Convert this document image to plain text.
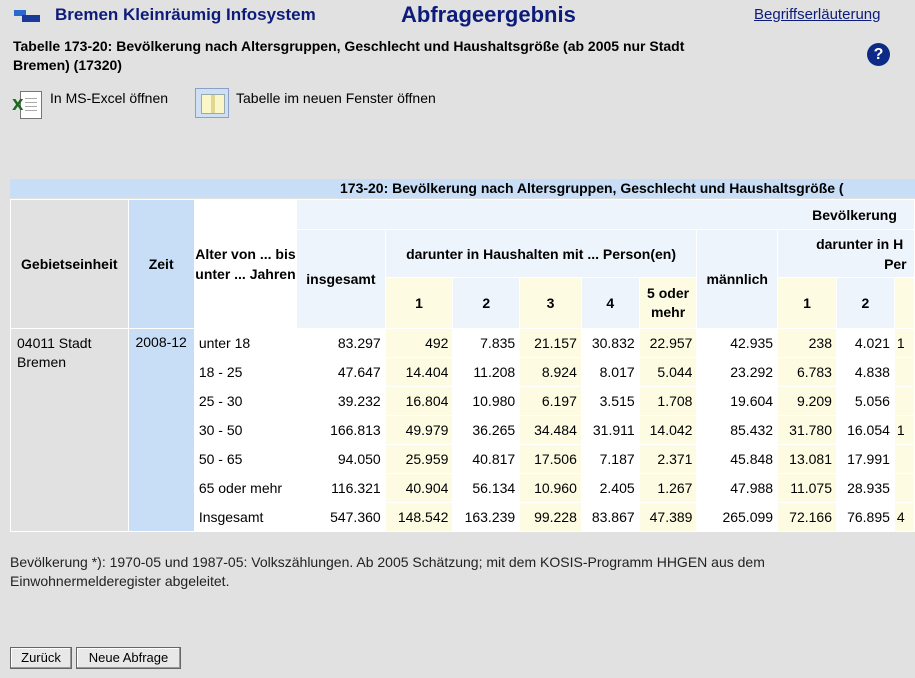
Bremen Kleinräumig Infosystem	Abfrageergebnis	Begriffserläuterung
Tabelle 173-20: Bevölkerung nach Altersgruppen, Geschlecht und Haushaltsgröße (ab 2005 nur Stadt Bremen) (17320)
?
X In MS-Excel öffnen	Tabelle im neuen Fenster öffnen
173-20: Bevölkerung nach Altersgruppen, Geschlecht und Haushaltsgröße (
Gebietseinheit	Zeit	Alter von ... bis unter ... Jahren	Bevölkerung									
			insgesamt	darunter in Haushalten mit ... Person(en)					männlich	darunter in H
Per		

				1	2	3	4	5 oder mehr		1	2	
04011 Stadt Bremen	2008-12	unter 18	83.297	492	7.835	21.157	30.832	22.957	42.935	238	4.021	1
		18 - 25	47.647	14.404	11.208	8.924	8.017	5.044	23.292	6.783	4.838	
		25 - 30	39.232	16.804	10.980	6.197	3.515	1.708	19.604	9.209	5.056	
		30 - 50	166.813	49.979	36.265	34.484	31.911	14.042	85.432	31.780	16.054	1
		50 - 65	94.050	25.959	40.817	17.506	7.187	2.371	45.848	13.081	17.991	
		65 oder mehr	116.321	40.904	56.134	10.960	2.405	1.267	47.988	11.075	28.935	
		Insgesamt	547.360	148.542	163.239	99.228	83.867	47.389	265.099	72.166	76.895	4
Bevölkerung *): 1970-05 und 1987-05: Volkszählungen. Ab 2005 Schätzung; mit dem KOSIS-Programm HHGEN aus dem Einwohnermelderegister abgeleitet.
Zurück	Neue Abfrage
